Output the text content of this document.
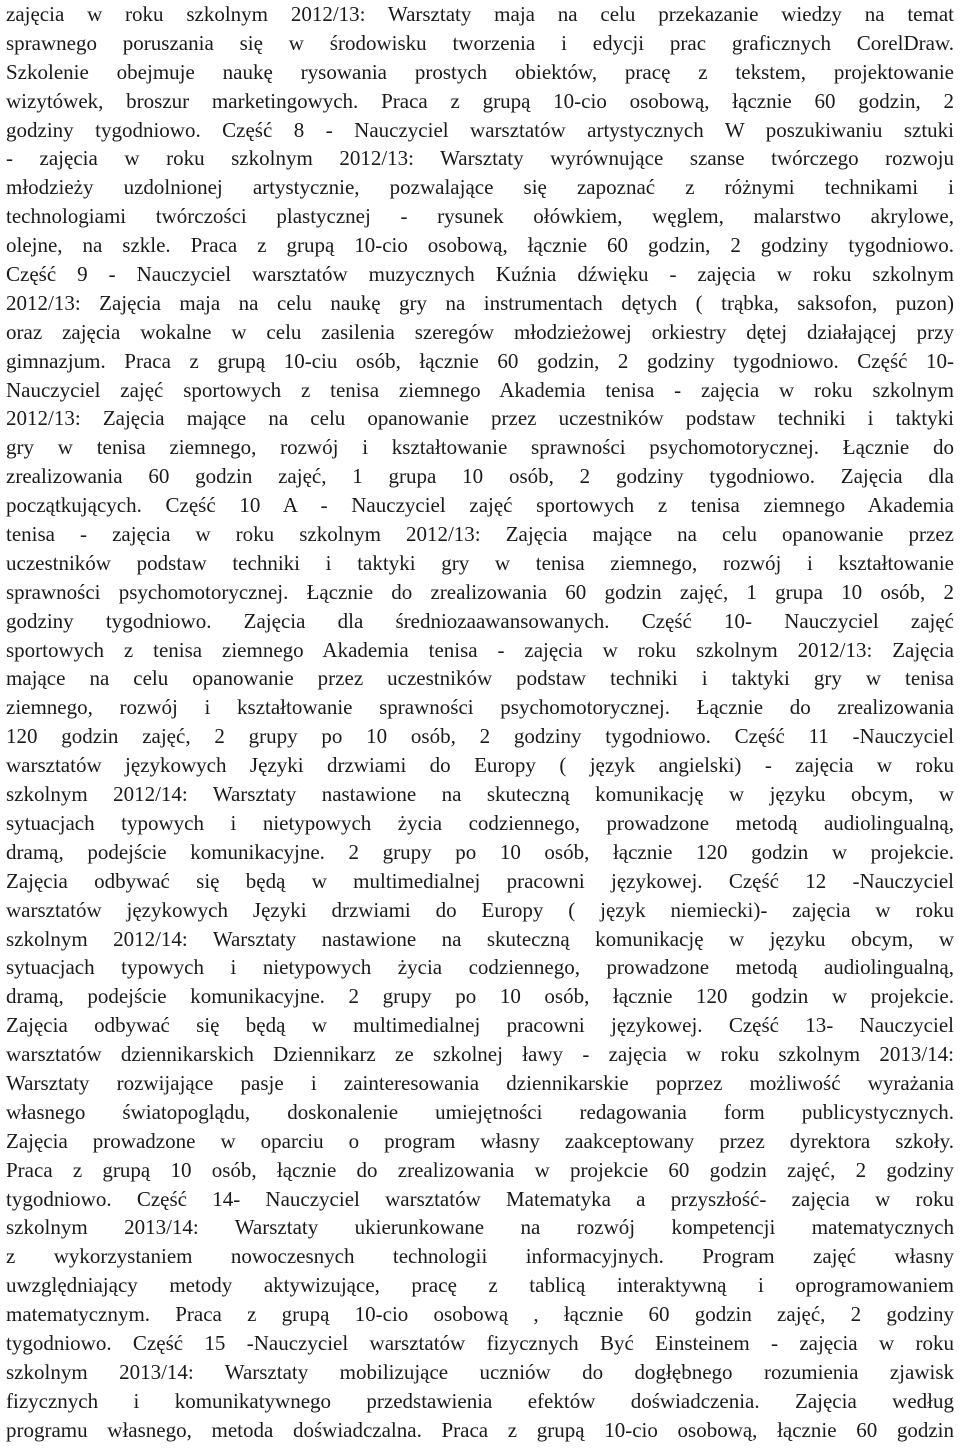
zajęcia w roku szkolnym 2012/13: Warsztaty maja na celu przekazanie wiedzy na temat
sprawnego poruszania się w środowisku tworzenia i edycji prac graficznych CorelDraw.
Szkolenie obejmuje naukę rysowania prostych obiektów, pracę z tekstem, projektowanie
wizytówek, broszur marketingowych. Praca z grupą 10-cio osobową, łącznie 60 godzin, 2
godziny tygodniowo. Część 8 - Nauczyciel warsztatów artystycznych W poszukiwaniu sztuki
- zajęcia w roku szkolnym 2012/13: Warsztaty wyrównujące szanse twórczego rozwoju
młodzieży uzdolnionej artystycznie, pozwalające się zapoznać z różnymi technikami i
technologiami twórczości plastycznej - rysunek ołówkiem, węglem, malarstwo akrylowe,
olejne, na szkle. Praca z grupą 10-cio osobową, łącznie 60 godzin, 2 godziny tygodniowo.
Część 9 - Nauczyciel warsztatów muzycznych Kuźnia dźwięku - zajęcia w roku szkolnym
2012/13: Zajęcia maja na celu naukę gry na instrumentach dętych ( trąbka, saksofon, puzon)
oraz zajęcia wokalne w celu zasilenia szeregów młodzieżowej orkiestry dętej działającej przy
gimnazjum. Praca z grupą 10-ciu osób, łącznie 60 godzin, 2 godziny tygodniowo. Część 10-
Nauczyciel zajęć sportowych z tenisa ziemnego Akademia tenisa - zajęcia w roku szkolnym
2012/13: Zajęcia mające na celu opanowanie przez uczestników podstaw techniki i taktyki
gry w tenisa ziemnego, rozwój i kształtowanie sprawności psychomotorycznej. Łącznie do
zrealizowania 60 godzin zajęć, 1 grupa 10 osób, 2 godziny tygodniowo. Zajęcia dla
początkujących. Część 10 A - Nauczyciel zajęć sportowych z tenisa ziemnego Akademia
tenisa - zajęcia w roku szkolnym 2012/13: Zajęcia mające na celu opanowanie przez
uczestników podstaw techniki i taktyki gry w tenisa ziemnego, rozwój i kształtowanie
sprawności psychomotorycznej. Łącznie do zrealizowania 60 godzin zajęć, 1 grupa 10 osób, 2
godziny tygodniowo. Zajęcia dla średniozaawansowanych. Część 10- Nauczyciel zajęć
sportowych z tenisa ziemnego Akademia tenisa - zajęcia w roku szkolnym 2012/13: Zajęcia
mające na celu opanowanie przez uczestników podstaw techniki i taktyki gry w tenisa
ziemnego, rozwój i kształtowanie sprawności psychomotorycznej. Łącznie do zrealizowania
120 godzin zajęć, 2 grupy po 10 osób, 2 godziny tygodniowo. Część 11 -Nauczyciel
warsztatów językowych Języki drzwiami do Europy ( język angielski) - zajęcia w roku
szkolnym 2012/14: Warsztaty nastawione na skuteczną komunikację w języku obcym, w
sytuacjach typowych i nietypowych życia codziennego, prowadzone metodą audiolingualną,
dramą, podejście komunikacyjne. 2 grupy po 10 osób, łącznie 120 godzin w projekcie.
Zajęcia odbywać się będą w multimedialnej pracowni językowej. Część 12 -Nauczyciel
warsztatów językowych Języki drzwiami do Europy ( język niemiecki)- zajęcia w roku
szkolnym 2012/14: Warsztaty nastawione na skuteczną komunikację w języku obcym, w
sytuacjach typowych i nietypowych życia codziennego, prowadzone metodą audiolingualną,
dramą, podejście komunikacyjne. 2 grupy po 10 osób, łącznie 120 godzin w projekcie.
Zajęcia odbywać się będą w multimedialnej pracowni językowej. Część 13- Nauczyciel
warsztatów dziennikarskich Dziennikarz ze szkolnej ławy - zajęcia w roku szkolnym 2013/14:
Warsztaty rozwijające pasje i zainteresowania dziennikarskie poprzez możliwość wyrażania
własnego światopoglądu, doskonalenie umiejętności redagowania form publicystycznych.
Zajęcia prowadzone w oparciu o program własny zaakceptowany przez dyrektora szkoły.
Praca z grupą 10 osób, łącznie do zrealizowania w projekcie 60 godzin zajęć, 2 godziny
tygodniowo. Część 14- Nauczyciel warsztatów Matematyka a przyszłość- zajęcia w roku
szkolnym 2013/14: Warsztaty ukierunkowane na rozwój kompetencji matematycznych
z wykorzystaniem nowoczesnych technologii informacyjnych. Program zajęć własny
uwzględniający metody aktywizujące, pracę z tablicą interaktywną i oprogramowaniem
matematycznym. Praca z grupą 10-cio osobową , łącznie 60 godzin zajęć, 2 godziny
tygodniowo. Część 15 -Nauczyciel warsztatów fizycznych Być Einsteinem - zajęcia w roku
szkolnym 2013/14: Warsztaty mobilizujące uczniów do dogłębnego rozumienia zjawisk
fizycznych i komunikatywnego przedstawienia efektów doświadczenia. Zajęcia według
programu własnego, metoda doświadczalna. Praca z grupą 10-cio osobową, łącznie 60 godzin
